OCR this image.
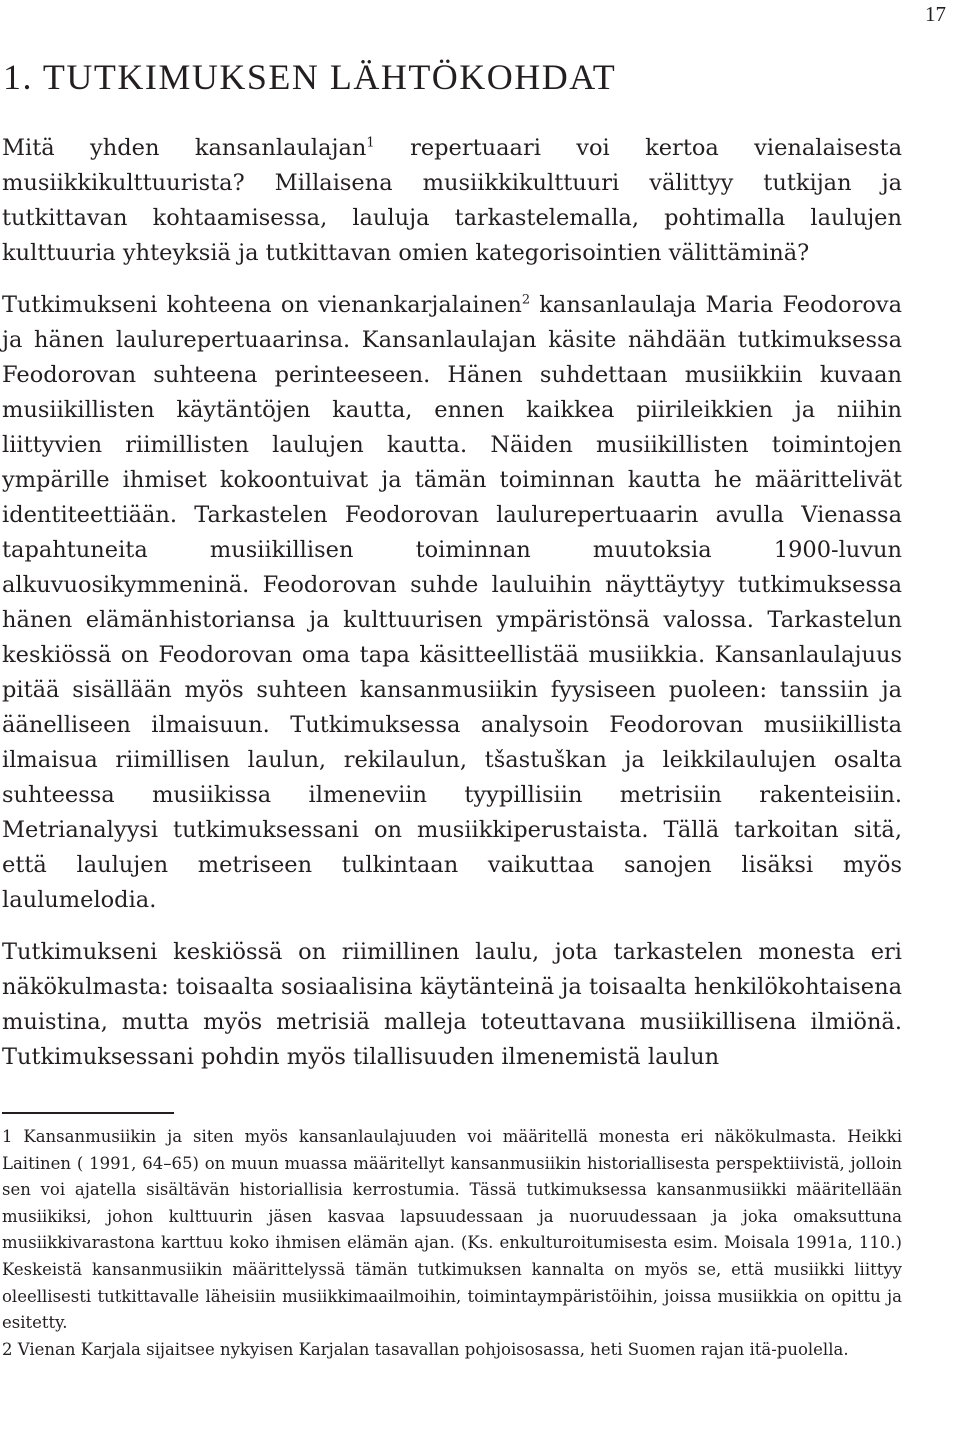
17
1. TUTKIMUKSEN LÄHTÖKOHDAT

Mitä yhden kansanlaulajan$^1$ repertuaari voi kertoa vienalaisesta musiikkikulttuurista? Millaisena musiikkikulttuuri välittyy tutkijan ja tutkittavan kohtaamisessa, lauluja tarkastelemalla, pohtimalla laulujen kulttuuria yhteyksiä ja tutkittavan omien kategorisointien välittäminä?

Tutkimukseni kohteena on vienankarjalainen$^2$ kansanlaulaja Maria Feodorova ja hänen laulurepertuaarinsa. Kansanlaulajan käsite nähdään tutkimuksessa Feodorovan suhteena perinteeseen. Hänen suhdettaan musiikkiin kuvaan musiikillisten käytäntöjen kautta, ennen kaikkea piirileikkien ja niihin liittyvien riimillisten laulujen kautta. Näiden musiikillisten toimintojen ympärille ihmiset kokoontuivat ja tämän toiminnan kautta he määrittelivät identiteettiään. Tarkastelen Feodorovan laulurepertuaarin avulla Vienassa tapahtuneita musiikillisen toiminnan muutoksia 1900-luvun alkuvuosikymmeninä. Feodorovan suhde lauluihin näyttäytyy tutkimuksessa hänen elämänhistoriansa ja kulttuurisen ympäristönsä valossa. Tarkastelun keskiössä on Feodorovan oma tapa käsitteellistää musiikkia. Kansanlaulajuus pitää sisällään myös suhteen kansanmusiikin fyysiseen puoleen: tanssiin ja äänelliseen ilmaisuun. Tutkimuksessa analysoin Feodorovan musiikillista ilmaisua riimillisen laulun, rekilaulun, tšastuškan ja leikkilaulujen osalta suhteessa musiikissa ilmeneviin tyypillisiin metrisiin rakenteisiin. Metrianalyysi tutkimuksessani on musiikkiperustaista. Tällä tarkoitan sitä, että laulujen metriseen tulkintaan vaikuttaa sanojen lisäksi myös laulumelodia.

Tutkimukseni keskiössä on riimillinen laulu, jota tarkastelen monesta eri näkökulmasta: toisaalta sosiaalisina käytänteinä ja toisaalta henkilökohtaisena muistina, mutta myös metrisiä malleja toteuttavana musiikillisena ilmiönä. Tutkimuksessani pohdin myös tilallisuuden ilmenemistä laulun

1 Kansanmusiikin ja siten myös kansanlaulajuuden voi määritellä monesta eri näkökulmasta. Heikki Laitinen ( 1991, 64–65) on muun muassa määritellyt kansanmusiikin historiallisesta perspektiivistä, jolloin sen voi ajatella sisältävän historiallisia kerrostumia. Tässä tutkimuksessa kansanmusiikki määritellään musiikiksi, johon kulttuurin jäsen kasvaa lapsuudessaan ja nuoruudessaan ja joka omaksuttuna musiikkivarastona karttuu koko ihmisen elämän ajan. (Ks. enkulturoitumisesta esim. Moisala 1991a, 110.) Keskeistä kansanmusiikin määrittelyssä tämän tutkimuksen kannalta on myös se, että musiikki liittyy oleellisesti tutkittavalle läheisiin musiikkimaailmoihin, toimintaympäristöihin, joissa musiikkia on opittu ja esitetty.

2 Vienan Karjala sijaitsee nykyisen Karjalan tasavallan pohjoisosassa, heti Suomen rajan itä-puolella.
